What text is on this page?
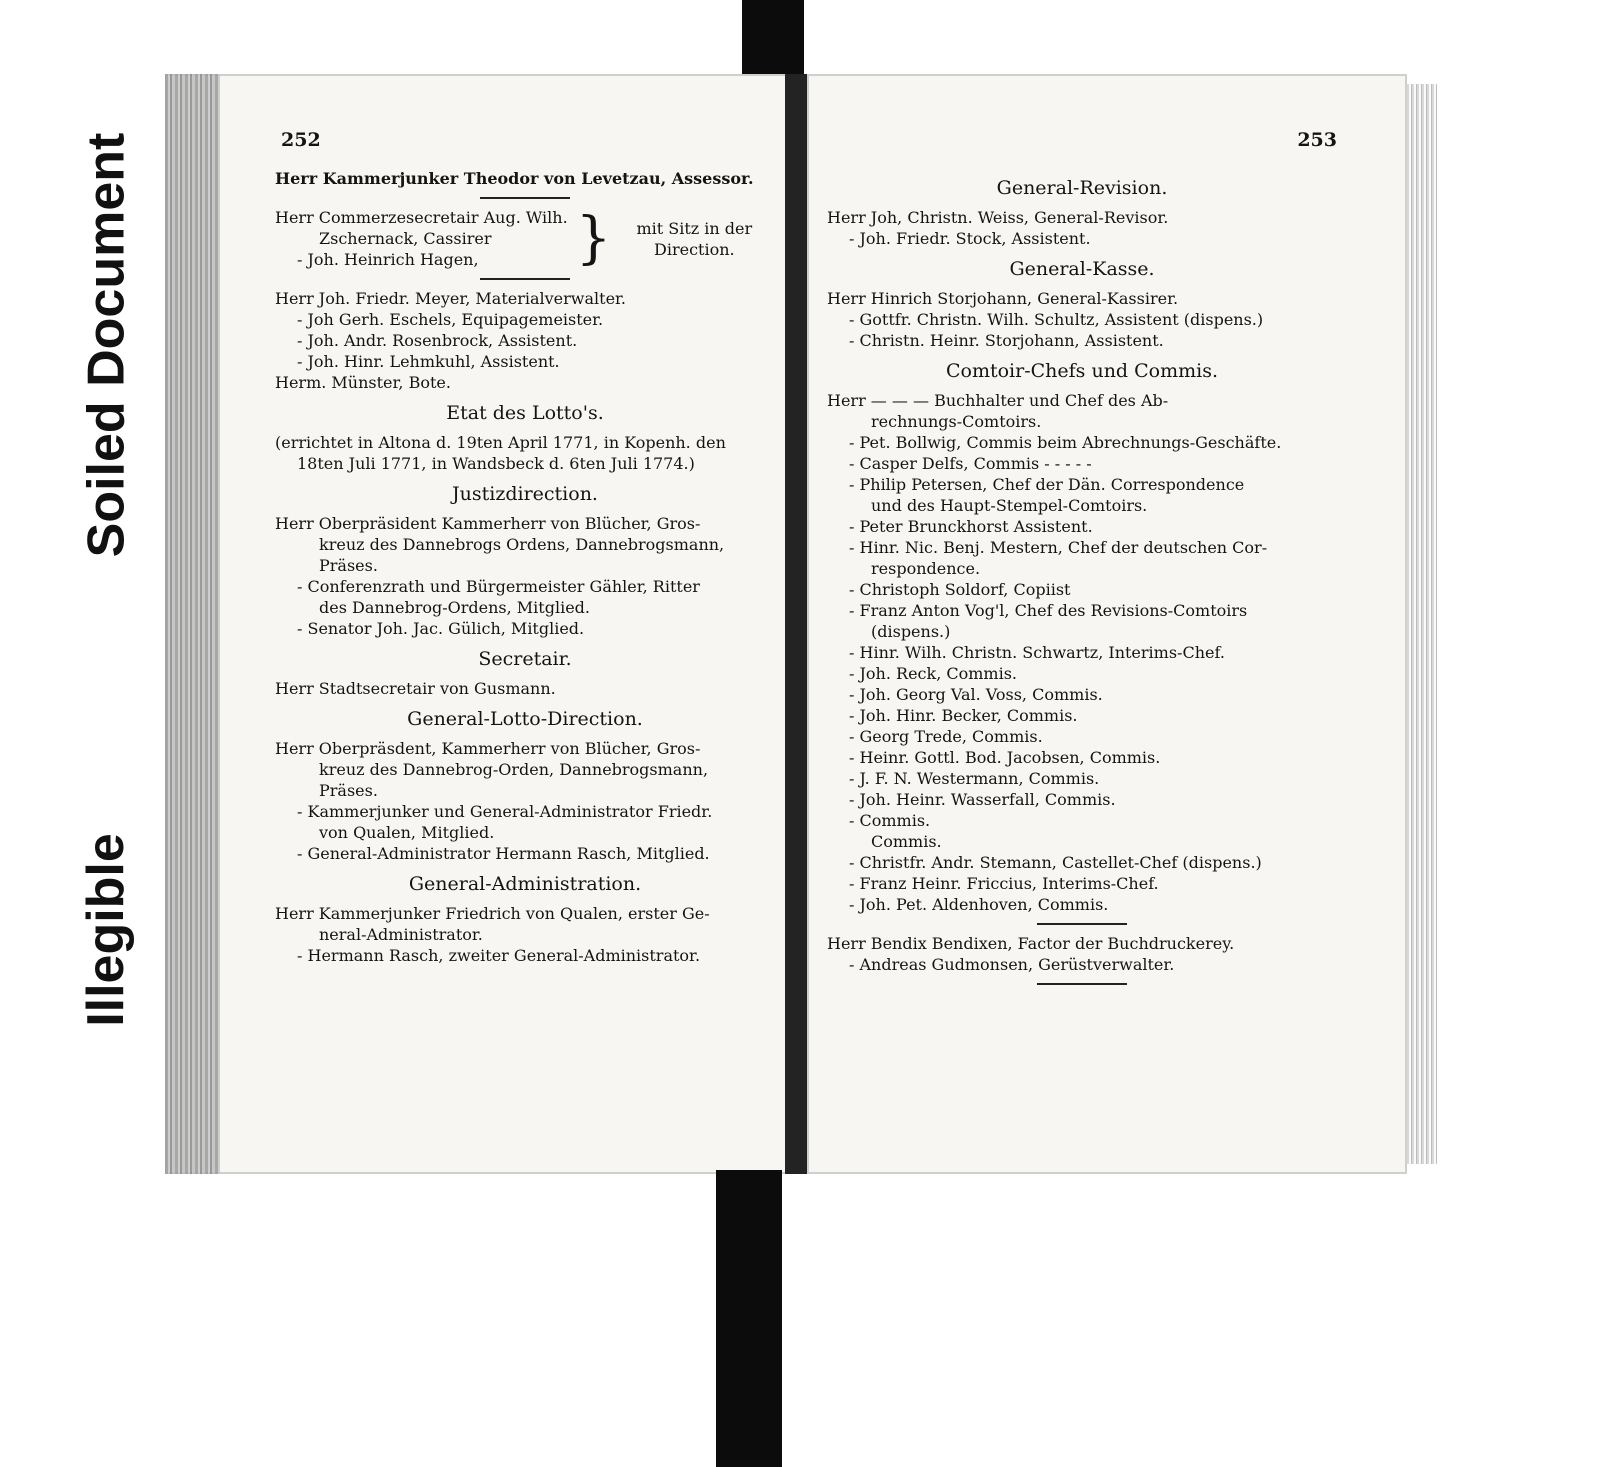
Soiled Document
Illegible
252
Herr Kammerjunker Theodor von Levetzau, Assessor.
Herr Commerzesecretair Aug. Wilh.
Zschernack, Cassirer
- Joh. Heinrich Hagen,	}	mit Sitz in der Direction.
Herr Joh. Friedr. Meyer, Materialverwalter.
- Joh Gerh. Eschels, Equipagemeister.
- Joh. Andr. Rosenbrock, Assistent.
- Joh. Hinr. Lehmkuhl, Assistent.
Herm. Münster, Bote.
Etat des Lotto's.
(errichtet in Altona d. 19ten April 1771, in Kopenh. den
18ten Juli 1771, in Wandsbeck d. 6ten Juli 1774.)
Justizdirection.
Herr Oberpräsident Kammerherr von Blücher, Gros-
kreuz des Dannebrogs Ordens, Dannebrogsmann,
Präses.
- Conferenzrath und Bürgermeister Gähler, Ritter
des Dannebrog-Ordens, Mitglied.
- Senator Joh. Jac. Gülich, Mitglied.
Secretair.
Herr Stadtsecretair von Gusmann.
General-Lotto-Direction.
Herr Oberpräsdent, Kammerherr von Blücher, Gros-
kreuz des Dannebrog-Orden, Dannebrogsmann,
Präses.
- Kammerjunker und General-Administrator Friedr.
von Qualen, Mitglied.
- General-Administrator Hermann Rasch, Mitglied.
General-Administration.
Herr Kammerjunker Friedrich von Qualen, erster Ge-
neral-Administrator.
- Hermann Rasch, zweiter General-Administrator.
253
General-Revision.
Herr Joh, Christn. Weiss, General-Revisor.
- Joh. Friedr. Stock, Assistent.
General-Kasse.
Herr Hinrich Storjohann, General-Kassirer.
- Gottfr. Christn. Wilh. Schultz, Assistent (dispens.)
- Christn. Heinr. Storjohann, Assistent.
Comtoir-Chefs und Commis.
Herr — — — Buchhalter und Chef des Ab-
rechnungs-Comtoirs.
- Pet. Bollwig, Commis beim Abrechnungs-Geschäfte.
- Casper Delfs, Commis - - - - -
- Philip Petersen, Chef der Dän. Correspondence
und des Haupt-Stempel-Comtoirs.
- Peter Brunckhorst Assistent.
- Hinr. Nic. Benj. Mestern, Chef der deutschen Cor-
respondence.
- Christoph Soldorf, Copiist
- Franz Anton Vog'l, Chef des Revisions-Comtoirs
(dispens.)
- Hinr. Wilh. Christn. Schwartz, Interims-Chef.
- Joh. Reck, Commis.
- Joh. Georg Val. Voss, Commis.
- Joh. Hinr. Becker, Commis.
- Georg Trede, Commis.
- Heinr. Gottl. Bod. Jacobsen, Commis.
- J. F. N. Westermann, Commis.
- Joh. Heinr. Wasserfall, Commis.
- Commis.
Commis.
- Christfr. Andr. Stemann, Castellet-Chef (dispens.)
- Franz Heinr. Friccius, Interims-Chef.
- Joh. Pet. Aldenhoven, Commis.
Herr Bendix Bendixen, Factor der Buchdruckerey.
- Andreas Gudmonsen, Gerüstverwalter.
